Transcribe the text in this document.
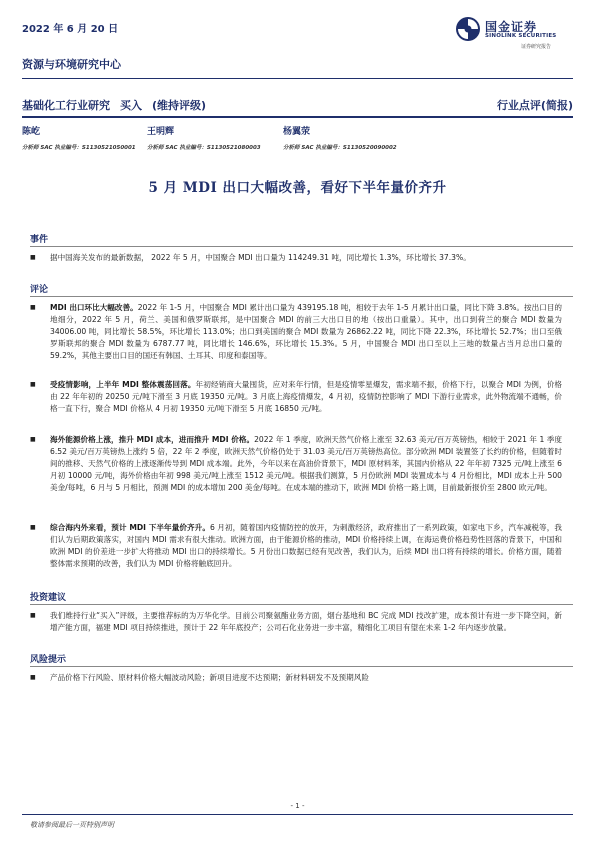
2022 年 6 月 20 日	国金证券
SINOLINK SECURITIES
证券研究报告
资源与环境研究中心
基础化工行业研究 买入 (维持评级)	行业点评(简报)
陈屹
分析师 SAC 执业编号：S1130521050001
王明辉
分析师 SAC 执业编号：S1130521080003
杨翼荥
分析师 SAC 执业编号：S1130520090002
5 月 MDI 出口大幅改善，看好下半年量价齐升
事件
■ 据中国海关发布的最新数据， 2022 年 5 月，中国聚合 MDI 出口量为 114249.31 吨，同比增长 1.3%，环比增长 37.3%。
评论
■ MDI 出口环比大幅改善。2022 年 1-5 月，中国聚合 MDI 累计出口量为 439195.18 吨，相较于去年 1-5 月累计出口量，同比下降 3.8%。按出口目的地细分，2022 年 5 月，荷兰、美国和俄罗斯联邦，是中国聚合 MDI 的前三大出口目的地（按出口重量）。其中，出口到荷兰的聚合 MDI 数量为 34006.00 吨，同比增长 58.5%，环比增长 113.0%；出口到美国的聚合 MDI 数量为 26862.22 吨，同比下降 22.3%，环比增长 52.7%；出口至俄罗斯联邦的聚合 MDI 数量为 6787.77 吨，同比增长 146.6%，环比增长 15.3%。5 月，中国聚合 MDI 出口至以上三地的数量占当月总出口量的 59.2%，其他主要出口目的国还有韩国、土耳其、印度和泰国等。
■ 受疫情影响，上半年 MDI 整体震荡回落。年初经销商大量囤货，应对来年行情，但是疫情零星爆发，需求端不振，价格下行，以聚合 MDI 为例，价格由 22 年年初的 20250 元/吨下滑至 3 月底 19350 元/吨。3 月底上海疫情爆发，4 月初，疫情防控影响了 MDI 下游行业需求，此外物流端不通畅，价格一直下行，聚合 MDI 价格从 4 月初 19350 元/吨下滑至 5 月底 16850 元/吨。
■ 海外能源价格上涨，推升 MDI 成本，进而推升 MDI 价格。2022 年 1 季度，欧洲天然气价格上涨至 32.63 美元/百万英镑热，相较于 2021 年 1 季度 6.52 美元/百万英镑热上涨约 5 倍，22 年 2 季度，欧洲天然气价格仍处于 31.03 美元/百万英镑热高位。部分欧洲 MDI 装置签了长约的价格，但随着时间的推移、天然气价格的上涨逐渐传导到 MDI 成本端。此外，今年以来在高油价背景下，MDI 原材料苯，其国内价格从 22 年年初 7325 元/吨上涨至 6 月初 10000 元/吨，海外价格由年初 998 美元/吨上涨至 1512 美元/吨。根据我们测算，5 月份欧洲 MDI 装置成本与 4 月份相比，MDI 成本上升 500 美金/每吨，6 月与 5 月相比，预测 MDI 的成本增加 200 美金/每吨。在成本端的推动下，欧洲 MDI 价格一路上调，目前最新报价至 2800 欧元/吨。
■ 综合海内外来看，预计 MDI 下半年量价齐升。6 月初，随着国内疫情防控的放开，为刺激经济，政府推出了一系列政策，如家电下乡，汽车减税等，我们认为后期政策落实，对国内 MDI 需求有很大推动。欧洲方面，由于能源价格的推动，MDI 价格持续上调，在海运费价格趋势性回落的背景下，中国和欧洲 MDI 的价差进一步扩大将推动 MDI 出口的持续增长。5 月份出口数据已经有见改善，我们认为，后续 MDI 出口将有持续的增长。价格方面，随着整体需求预期的改善，我们认为 MDI 价格将触底回升。
投资建议
■ 我们维持行业“买入”评级，主要推荐标的为万华化学。目前公司聚氨酯业务方面，烟台基地和 BC 完成 MDI 技改扩建，成本预计有进一步下降空间，新增产能方面，福建 MDI 项目持续推进，预计于 22 年年底投产；公司石化业务进一步丰富，精细化工项目有望在未来 1-2 年内逐步放量。
风险提示
■ 产品价格下行风险、原材料价格大幅波动风险；新项目进度不达预期；新材料研发不及预期风险
- 1 -
敬请参阅最后一页特别声明
